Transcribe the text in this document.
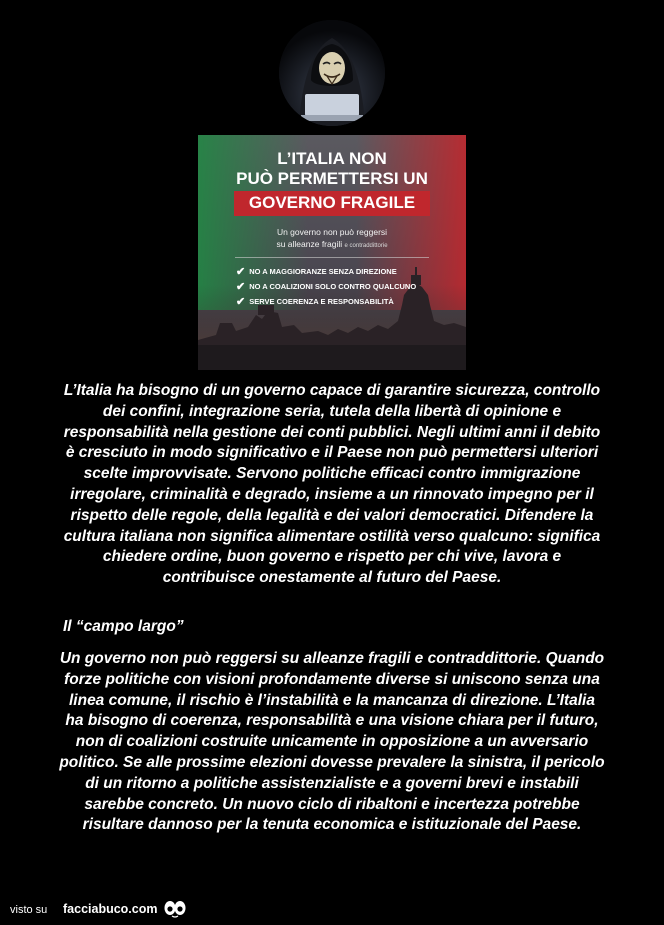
L’ITALIA NON
PUÒ PERMETTERSI UN
GOVERNO FRAGILE
Un governo non può reggersi
su alleanze fragili e contraddittorie
✔ NO A MAGGIORANZE SENZA DIREZIONE
✔ NO A COALIZIONI SOLO CONTRO QUALCUNO
✔ SERVE COERENZA E RESPONSABILITÀ
L’Italia ha bisogno di un governo capace di garantire sicurezza, controllo dei confini, integrazione seria, tutela della libertà di opinione e responsabilità nella gestione dei conti pubblici. Negli ultimi anni il debito è cresciuto in modo significativo e il Paese non può permettersi ulteriori scelte improvvisate. Servono politiche efficaci contro immigrazione irregolare, criminalità e degrado, insieme a un rinnovato impegno per il rispetto delle regole, della legalità e dei valori democratici. Difendere la cultura italiana non significa alimentare ostilità verso qualcuno: significa chiedere ordine, buon governo e rispetto per chi vive, lavora e contribuisce onestamente al futuro del Paese.
Il “campo largo”
Un governo non può reggersi su alleanze fragili e contraddittorie. Quando forze politiche con visioni profondamente diverse si uniscono senza una linea comune, il rischio è l’instabilità e la mancanza di direzione. L’Italia ha bisogno di coerenza, responsabilità e una visione chiara per il futuro, non di coalizioni costruite unicamente in opposizione a un avversario politico. Se alle prossime elezioni dovesse prevalere la sinistra, il pericolo di un ritorno a politiche assistenzialiste e a governi brevi e instabili sarebbe concreto. Un nuovo ciclo di ribaltoni e incertezza potrebbe risultare dannoso per la tenuta economica e istituzionale del Paese.
visto su facciabuco.com
